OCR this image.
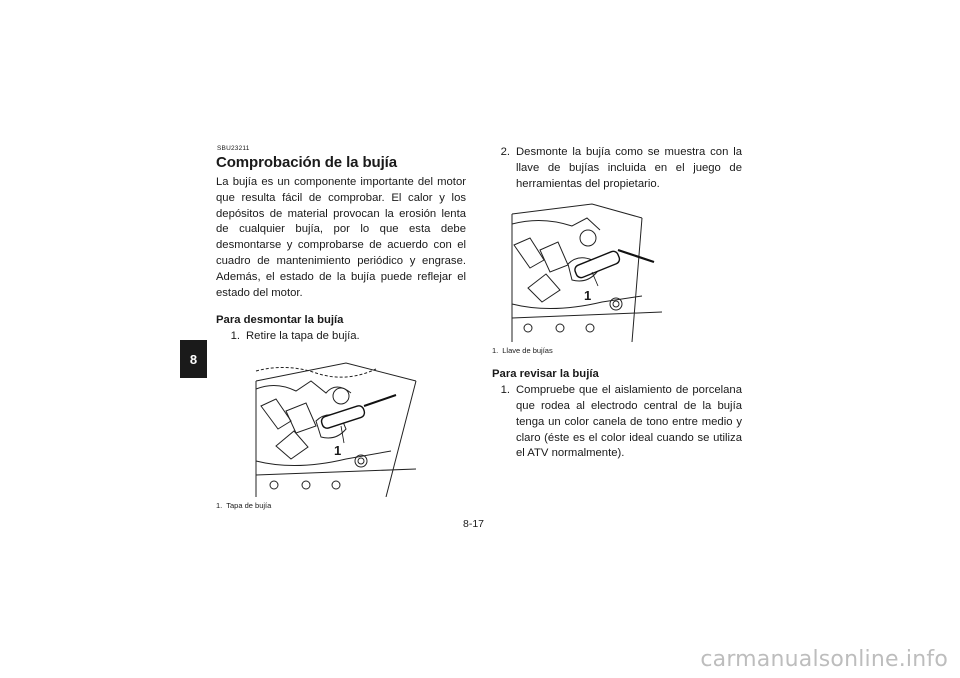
8
SBU23211
Comprobación de la bujía

La bujía es un componente importante del motor que resulta fácil de comprobar. El calor y los depósitos de material provocan la erosión lenta de cualquier bujía, por lo que esta debe desmontarse y comprobarse de acuerdo con el cuadro de mantenimiento periódico y engrase. Además, el estado de la bujía puede reflejar el estado del motor.

Para desmontar la bujía
1. Retire la tapa de bujía.
1
1. Tapa de bujía
2. Desmonte la bujía como se muestra con la llave de bujías incluida en el juego de herramientas del propietario.
1
1. Llave de bujías
Para revisar la bujía
1. Compruebe que el aislamiento de porcelana que rodea al electrodo central de la bujía tenga un color canela de tono entre medio y claro (éste es el color ideal cuando se utiliza el ATV normalmente).
8-17
carmanualsonline.info
